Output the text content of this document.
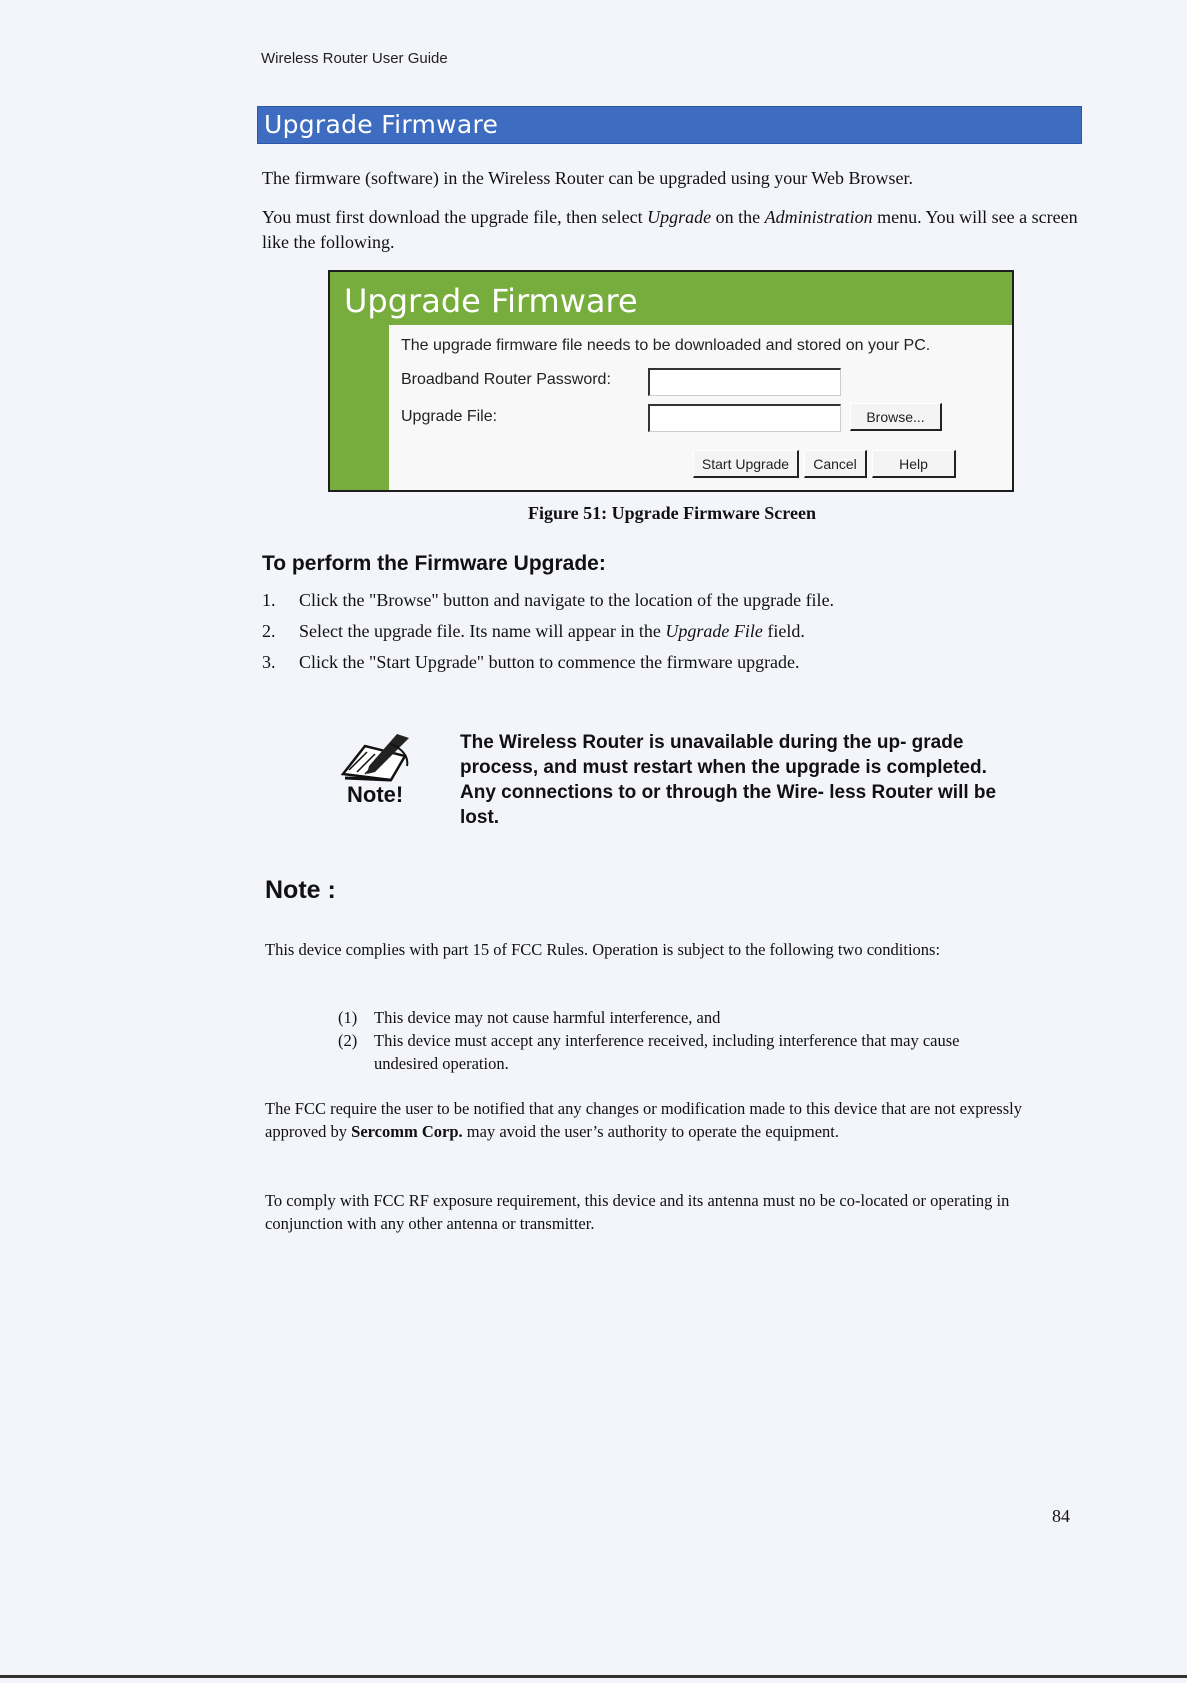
Wireless Router User Guide
Upgrade Firmware
The firmware (software) in the Wireless Router can be upgraded using your Web Browser.
You must first download the upgrade file, then select Upgrade on the Administration menu. You will see a screen like the following.
Upgrade Firmware
The upgrade firmware file needs to be downloaded and stored on your PC.
Broadband Router Password:
Upgrade File:	Browse...
Start Upgrade	Cancel	Help
Figure 51: Upgrade Firmware Screen
To perform the Firmware Upgrade:
1. Click the "Browse" button and navigate to the location of the upgrade file.
2. Select the upgrade file. Its name will appear in the Upgrade File field.
3. Click the "Start Upgrade" button to commence the firmware upgrade.
Note!
The Wireless Router is unavailable during the up- grade process, and must restart when the upgrade is completed. Any connections to or through the Wire- less Router will be lost.
Note :
This device complies with part 15 of FCC Rules. Operation is subject to the following two conditions:
(1) This device may not cause harmful interference, and
(2) This device must accept any interference received, including interference that may cause undesired operation.
The FCC require the user to be notified that any changes or modification made to this device that are not expressly approved by Sercomm Corp. may avoid the user’s authority to operate the equipment.
To comply with FCC RF exposure requirement, this device and its antenna must no be co-located or operating in conjunction with any other antenna or transmitter.
84
